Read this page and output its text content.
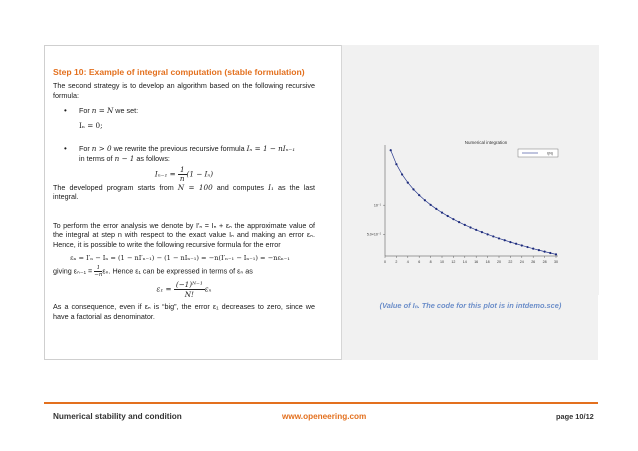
Step 10: Example of integral computation (stable formulation)
The second strategy is to develop an algorithm based on the following recursive formula:
• For n = N we set:
Iₙ = 0;
• For n > 0 we rewrite the previous recursive formula Iₙ = 1 − nIₙ₋₁
in terms of n − 1 as follows:
$I_{n-1} = \frac{1}{n} (1 - I_n)$
The developed program starts from N = 100 and computes I₁ as the last integral.
To perform the error analysis we denote by I′ₙ = Iₙ + εₙ the approximate value of the integral at step n with respect to the exact value Iₙ and making an error εₙ. Hence, it is possible to write the following recursive formula for the error
εₙ = I′ₙ − Iₙ = (1 − nI′ₙ₋₁) − (1 − nIₙ₋₁) = −n(I′ₙ₋₁ − Iₙ₋₁) = −nεₙ₋₁
giving $\varepsilon_{n-1} = \frac{1}{-n} \varepsilon_n$. Hence ε₁ can be expressed in terms of εₙ as
$\varepsilon_1 = \frac{\text{(−1)ᴺ⁻¹}}{N!}$ εₙ
As a consequence, even if εₙ is “big”, the error ε₁ decreases to zero, since we have a factorial as denominator.
Numerical integration
I(N)
0	2	4	6	8 10 12 14 16 18 20 22 24 26 28 30
10⁻¹
5.0×10⁻²
(Value of Iₙ. The code for this plot is in intdemo.sce)
Numerical stability and condition	www.openeering.com	page 10/12
